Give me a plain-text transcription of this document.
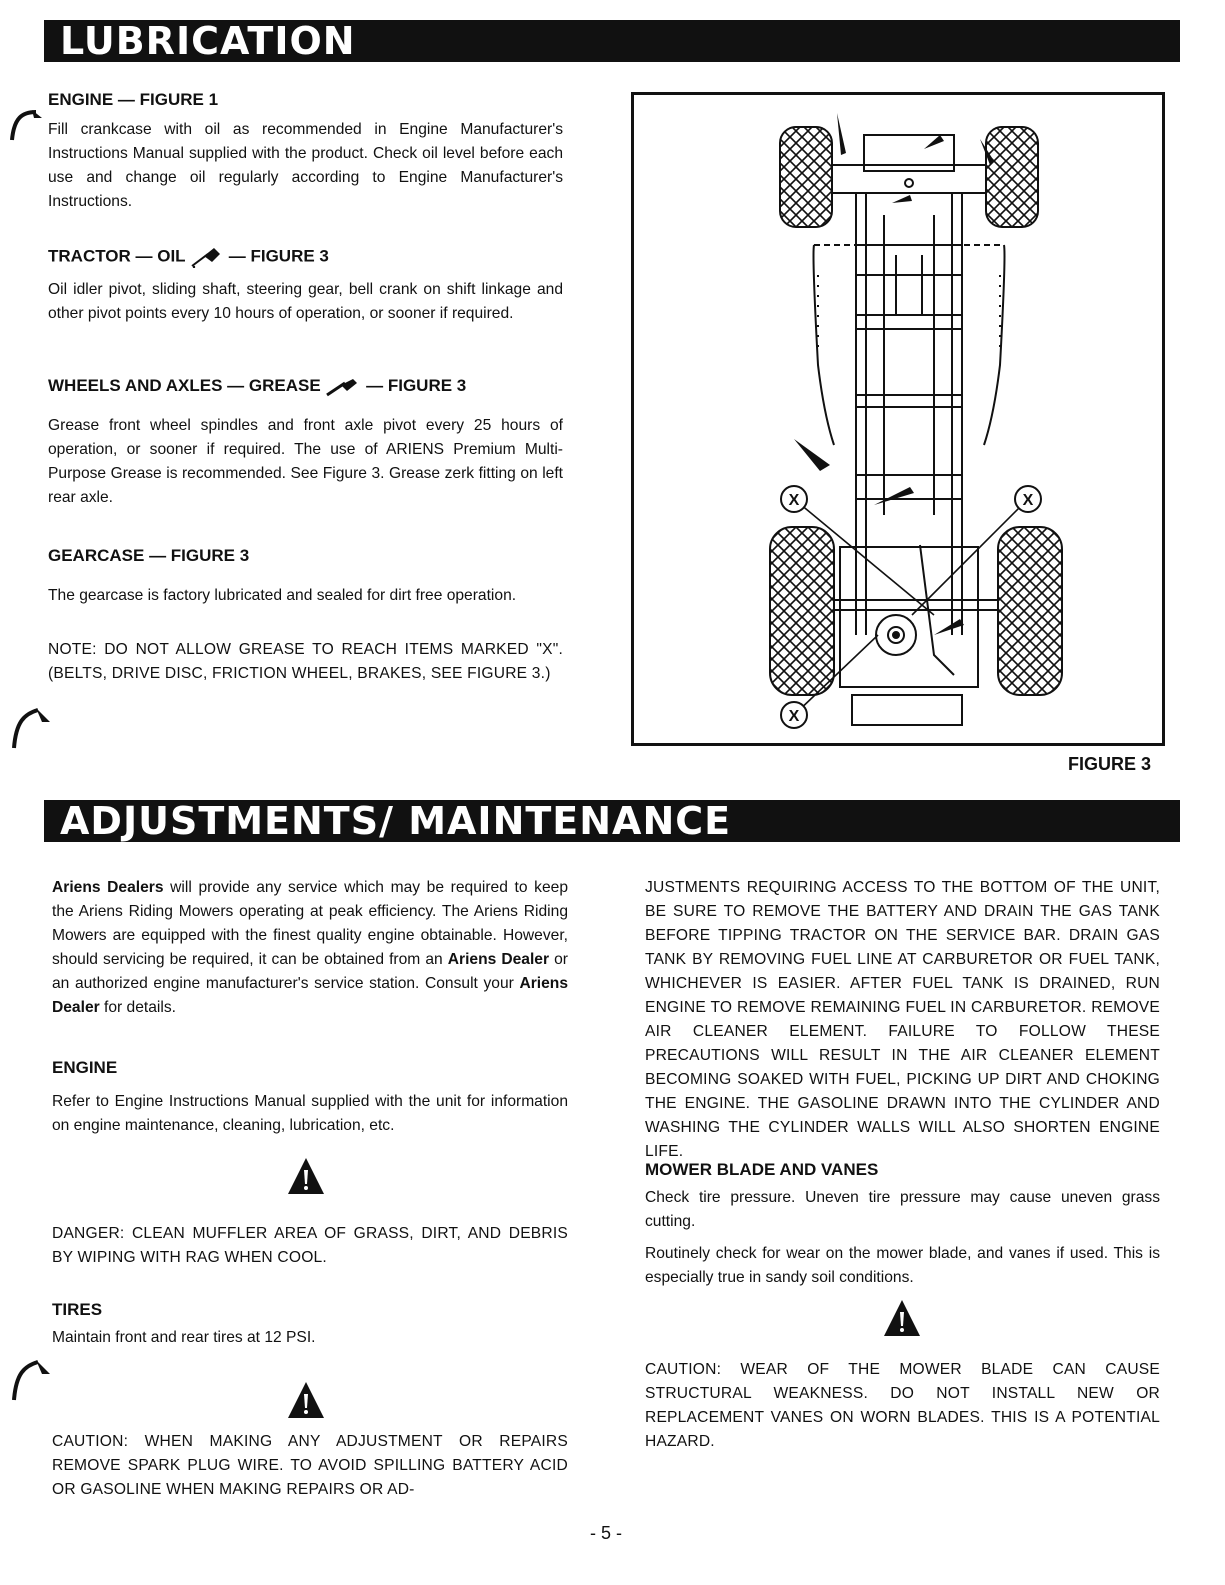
LUBRICATION
ENGINE — FIGURE 1

Fill crankcase with oil as recommended in Engine Manufacturer's Instructions Manual supplied with the product. Check oil level before each use and change oil regularly according to Engine Manufacturer's Instructions.

TRACTOR — OIL	— FIGURE 3

Oil idler pivot, sliding shaft, steering gear, bell crank on shift linkage and other pivot points every 10 hours of operation, or sooner if required.

WHEELS AND AXLES — GREASE	— FIGURE 3

Grease front wheel spindles and front axle pivot every 25 hours of operation, or sooner if required. The use of ARIENS Premium Multi-Purpose Grease is recommended. See Figure 3. Grease zerk fitting on left rear axle.

GEARCASE — FIGURE 3

The gearcase is factory lubricated and sealed for dirt free operation.

NOTE: DO NOT ALLOW GREASE TO REACH ITEMS MARKED "X". (BELTS, DRIVE DISC, FRICTION WHEEL, BRAKES, SEE FIGURE 3.)

X	X
X
FIGURE 3
ADJUSTMENTS/ MAINTENANCE

Ariens Dealers will provide any service which may be required to keep the Ariens Riding Mowers operating at peak efficiency. The Ariens Riding Mowers are equipped with the finest quality engine obtainable. However, should servicing be required, it can be obtained from an Ariens Dealer or an authorized engine manufacturer's service station. Consult your Ariens Dealer for details.

ENGINE

Refer to Engine Instructions Manual supplied with the unit for information on engine maintenance, cleaning, lubrication, etc.

DANGER: CLEAN MUFFLER AREA OF GRASS, DIRT, AND DEBRIS BY WIPING WITH RAG WHEN COOL.

TIRES

Maintain front and rear tires at 12 PSI.

CAUTION: WHEN MAKING ANY ADJUSTMENT OR REPAIRS REMOVE SPARK PLUG WIRE. TO AVOID SPILLING BATTERY ACID OR GASOLINE WHEN MAKING REPAIRS OR AD-

JUSTMENTS REQUIRING ACCESS TO THE BOTTOM OF THE UNIT, BE SURE TO REMOVE THE BATTERY AND DRAIN THE GAS TANK BEFORE TIPPING TRACTOR ON THE SERVICE BAR. DRAIN GAS TANK BY REMOVING FUEL LINE AT CARBURETOR OR FUEL TANK, WHICHEVER IS EASIER. AFTER FUEL TANK IS DRAINED, RUN ENGINE TO REMOVE REMAINING FUEL IN CARBURETOR. REMOVE AIR CLEANER ELEMENT. FAILURE TO FOLLOW THESE PRECAUTIONS WILL RESULT IN THE AIR CLEANER ELEMENT BECOMING SOAKED WITH FUEL, PICKING UP DIRT AND CHOKING THE ENGINE. THE GASOLINE DRAWN INTO THE CYLINDER AND WASHING THE CYLINDER WALLS WILL ALSO SHORTEN ENGINE LIFE.

MOWER BLADE AND VANES

Check tire pressure. Uneven tire pressure may cause uneven grass cutting.

Routinely check for wear on the mower blade, and vanes if used. This is especially true in sandy soil conditions.

CAUTION: WEAR OF THE MOWER BLADE CAN CAUSE STRUCTURAL WEAKNESS. DO NOT INSTALL NEW OR REPLACEMENT VANES ON WORN BLADES. THIS IS A POTENTIAL HAZARD.

- 5 -
